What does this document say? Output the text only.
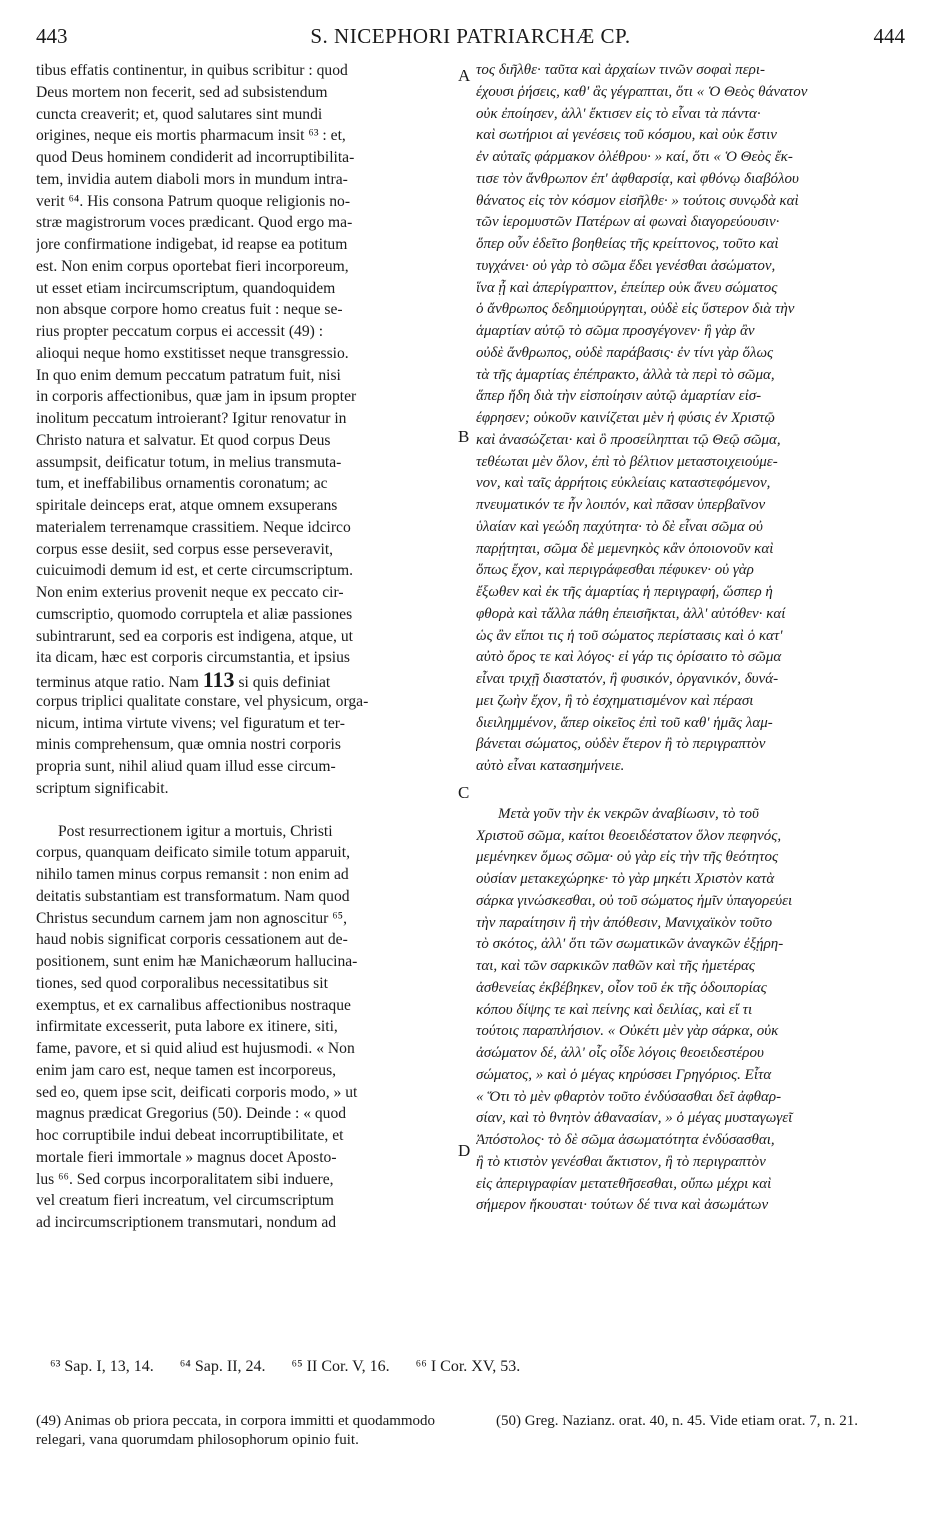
443	S. NICEPHORI PATRIARCHÆ CP.	444
tibus effatis continentur, in quibus scribitur : quod
Deus mortem non fecerit, sed ad subsistendum
cuncta creaverit; et, quod salutares sint mundi
origines, neque eis mortis pharmacum insit ⁶³ : et,
quod Deus hominem condiderit ad incorruptibilita-
tem, invidia autem diaboli mors in mundum intra-
verit ⁶⁴. His consona Patrum quoque religionis no-
stræ magistrorum voces prædicant. Quod ergo ma-
jore confirmatione indigebat, id reapse ea potitum
est. Non enim corpus oportebat fieri incorporeum,
ut esset etiam incircumscriptum, quandoquidem
non absque corpore homo creatus fuit : neque se-
rius propter peccatum corpus ei accessit (49) :
alioqui neque homo exstitisset neque transgressio.
In quo enim demum peccatum patratum fuit, nisi
in corporis affectionibus, quæ jam in ipsum propter
inolitum peccatum introierant? Igitur renovatur in
Christo natura et salvatur. Et quod corpus Deus
assumpsit, deificatur totum, in melius transmuta-
tum, et ineffabilibus ornamentis coronatum; ac
spiritale deinceps erat, atque omnem exsuperans
materialem terrenamque crassitiem. Neque idcirco
corpus esse desiit, sed corpus esse perseveravit,
cuicuimodi demum id est, et certe circumscriptum.
Non enim exterius provenit neque ex peccato cir-
cumscriptio, quomodo corruptela et aliæ passiones
subintrarunt, sed ea corporis est indigena, atque, ut
ita dicam, hæc est corporis circumstantia, et ipsius
terminus atque ratio. Nam 113 si quis definiat
corpus triplici qualitate constare, vel physicum, orga-
nicum, intima virtute vivens; vel figuratum et ter-
minis comprehensum, quæ omnia nostri corporis
propria sunt, nihil aliud quam illud esse circum-
scriptum significabit.
Post resurrectionem igitur a mortuis, Christi
corpus, quanquam deificato simile totum apparuit,
nihilo tamen minus corpus remansit : non enim ad
deitatis substantiam est transformatum. Nam quod
Christus secundum carnem jam non agnoscitur ⁶⁵,
haud nobis significat corporis cessationem aut de-
positionem, sunt enim hæ Manichæorum hallucina-
tiones, sed quod corporalibus necessitatibus sit
exemptus, et ex carnalibus affectionibus nostraque
infirmitate excesserit, puta labore ex itinere, siti,
fame, pavore, et si quid aliud est hujusmodi. « Non
enim jam caro est, neque tamen est incorporeus,
sed eo, quem ipse scit, deificati corporis modo, » ut
magnus prædicat Gregorius (50). Deinde : « quod
hoc corruptibile indui debeat incorruptibilitate, et
mortale fieri immortale » magnus docet Aposto-
lus ⁶⁶. Sed corpus incorporalitatem sibi induere,
vel creatum fieri increatum, vel circumscriptum
ad incircumscriptionem transmutari, nondum ad
A
B
C
D
τος διῆλθε· ταῦτα καὶ ἀρχαίων τινῶν σοφαὶ περι-
έχουσι ῥήσεις, καθ' ἃς γέγραπται, ὅτι « Ὁ Θεὸς θάνατον
οὐκ ἐποίησεν, ἀλλ' ἔκτισεν εἰς τὸ εἶναι τὰ πάντα·
καὶ σωτήριοι αἱ γενέσεις τοῦ κόσμου, καὶ οὐκ ἔστιν
ἐν αὐταῖς φάρμακον ὀλέθρου· » καί, ὅτι « Ὁ Θεὸς ἔκ-
τισε τὸν ἄνθρωπον ἐπ' ἀφθαρσίᾳ, καὶ φθόνῳ διαβόλου
θάνατος εἰς τὸν κόσμον εἰσῆλθε· » τούτοις συνῳδὰ καὶ
τῶν ἱερομυστῶν Πατέρων αἱ φωναὶ διαγορεύουσιν·
ὅπερ οὖν ἐδεῖτο βοηθείας τῆς κρείττονος, τοῦτο καὶ
τυγχάνει· οὐ γὰρ τὸ σῶμα ἔδει γενέσθαι ἀσώματον,
ἵνα ᾖ καὶ ἀπερίγραπτον, ἐπείπερ οὐκ ἄνευ σώματος
ὁ ἄνθρωπος δεδημιούργηται, οὐδὲ εἰς ὕστερον διὰ τὴν
ἁμαρτίαν αὐτῷ τὸ σῶμα προσγέγονεν· ἢ γὰρ ἂν
οὐδὲ ἄνθρωπος, οὐδὲ παράβασις· ἐν τίνι γὰρ ὅλως
τὰ τῆς ἁμαρτίας ἐπέπρακτο, ἀλλὰ τὰ περὶ τὸ σῶμα,
ἅπερ ἤδη διὰ τὴν εἰσποίησιν αὐτῷ ἁμαρτίαν εἰσ-
έφρησεν; οὐκοῦν καινίζεται μὲν ἡ φύσις ἐν Χριστῷ
καὶ ἀνασώζεται· καὶ ὃ προσείληπται τῷ Θεῷ σῶμα,
τεθέωται μὲν ὅλον, ἐπὶ τὸ βέλτιον μεταστοιχειούμε-
νον, καὶ ταῖς ἀρρήτοις εὐκλείαις καταστεφόμενον,
πνευματικόν τε ἦν λοιπόν, καὶ πᾶσαν ὑπερβαῖνον
ὑλαίαν καὶ γεώδη παχύτητα· τὸ δὲ εἶναι σῶμα οὐ
παρῄτηται, σῶμα δὲ μεμενηκὸς κἂν ὁποιονοῦν καὶ
ὅπως ἔχον, καὶ περιγράφεσθαι πέφυκεν· οὐ γὰρ
ἔξωθεν καὶ ἐκ τῆς ἁμαρτίας ἡ περιγραφή, ὥσπερ ἡ
φθορὰ καὶ τἄλλα πάθη ἐπεισῆκται, ἀλλ' αὐτόθεν· καί
ὡς ἂν εἴποι τις ἡ τοῦ σώματος περίστασις καὶ ὁ κατ'
αὐτὸ ὅρος τε καὶ λόγος· εἰ γάρ τις ὁρίσαιτο τὸ σῶμα
εἶναι τριχῇ διαστατόν, ἢ φυσικόν, ὀργανικόν, δυνά-
μει ζωὴν ἔχον, ἢ τὸ ἐσχηματισμένον καὶ πέρασι
διειλημμένον, ἅπερ οἰκεῖος ἐπὶ τοῦ καθ' ἡμᾶς λαμ-
βάνεται σώματος, οὐδὲν ἕτερον ἢ τὸ περιγραπτὸν
αὐτὸ εἶναι κατασημήνειε.
Μετὰ γοῦν τὴν ἐκ νεκρῶν ἀναβίωσιν, τὸ τοῦ
Χριστοῦ σῶμα, καίτοι θεοειδέστατον ὅλον πεφηνός,
μεμένηκεν ὅμως σῶμα· οὐ γὰρ εἰς τὴν τῆς θεότητος
οὐσίαν μετακεχώρηκε· τὸ γὰρ μηκέτι Χριστὸν κατὰ
σάρκα γινώσκεσθαι, οὐ τοῦ σώματος ἡμῖν ὑπαγορεύει
τὴν παραίτησιν ἢ τὴν ἀπόθεσιν, Μανιχαϊκὸν τοῦτο
τὸ σκότος, ἀλλ' ὅτι τῶν σωματικῶν ἀναγκῶν ἐξῄρη-
ται, καὶ τῶν σαρκικῶν παθῶν καὶ τῆς ἡμετέρας
ἀσθενείας ἐκβέβηκεν, οἷον τοῦ ἐκ τῆς ὁδοιπορίας
κόπου δίψης τε καὶ πείνης καὶ δειλίας, καὶ εἴ τι
τούτοις παραπλήσιον. « Οὐκέτι μὲν γὰρ σάρκα, οὐκ
ἀσώματον δέ, ἀλλ' οἷς οἶδε λόγοις θεοειδεστέρου
σώματος, » καὶ ὁ μέγας κηρύσσει Γρηγόριος. Εἶτα
« Ὅτι τὸ μὲν φθαρτὸν τοῦτο ἐνδύσασθαι δεῖ ἀφθαρ-
σίαν, καὶ τὸ θνητὸν ἀθανασίαν, » ὁ μέγας μυσταγωγεῖ
Ἀπόστολος· τὸ δὲ σῶμα ἀσωματότητα ἐνδύσασθαι,
ἢ τὸ κτιστὸν γενέσθαι ἄκτιστον, ἢ τὸ περιγραπτὸν
εἰς ἀπεριγραφίαν μετατεθῆσεσθαι, οὔπω μέχρι καὶ
σήμερον ἤκουσται· τούτων δέ τινα καὶ ἀσωμάτων
⁶³ Sap. I, 13, 14. ⁶⁴ Sap. II, 24. ⁶⁵ II Cor. V, 16. ⁶⁶ I Cor. XV, 53.
(49) Animas ob priora peccata, in corpora immitti et quodammodo relegari, vana quorumdam philosophorum opinio fuit.
(50) Greg. Nazianz. orat. 40, n. 45. Vide etiam orat. 7, n. 21.
